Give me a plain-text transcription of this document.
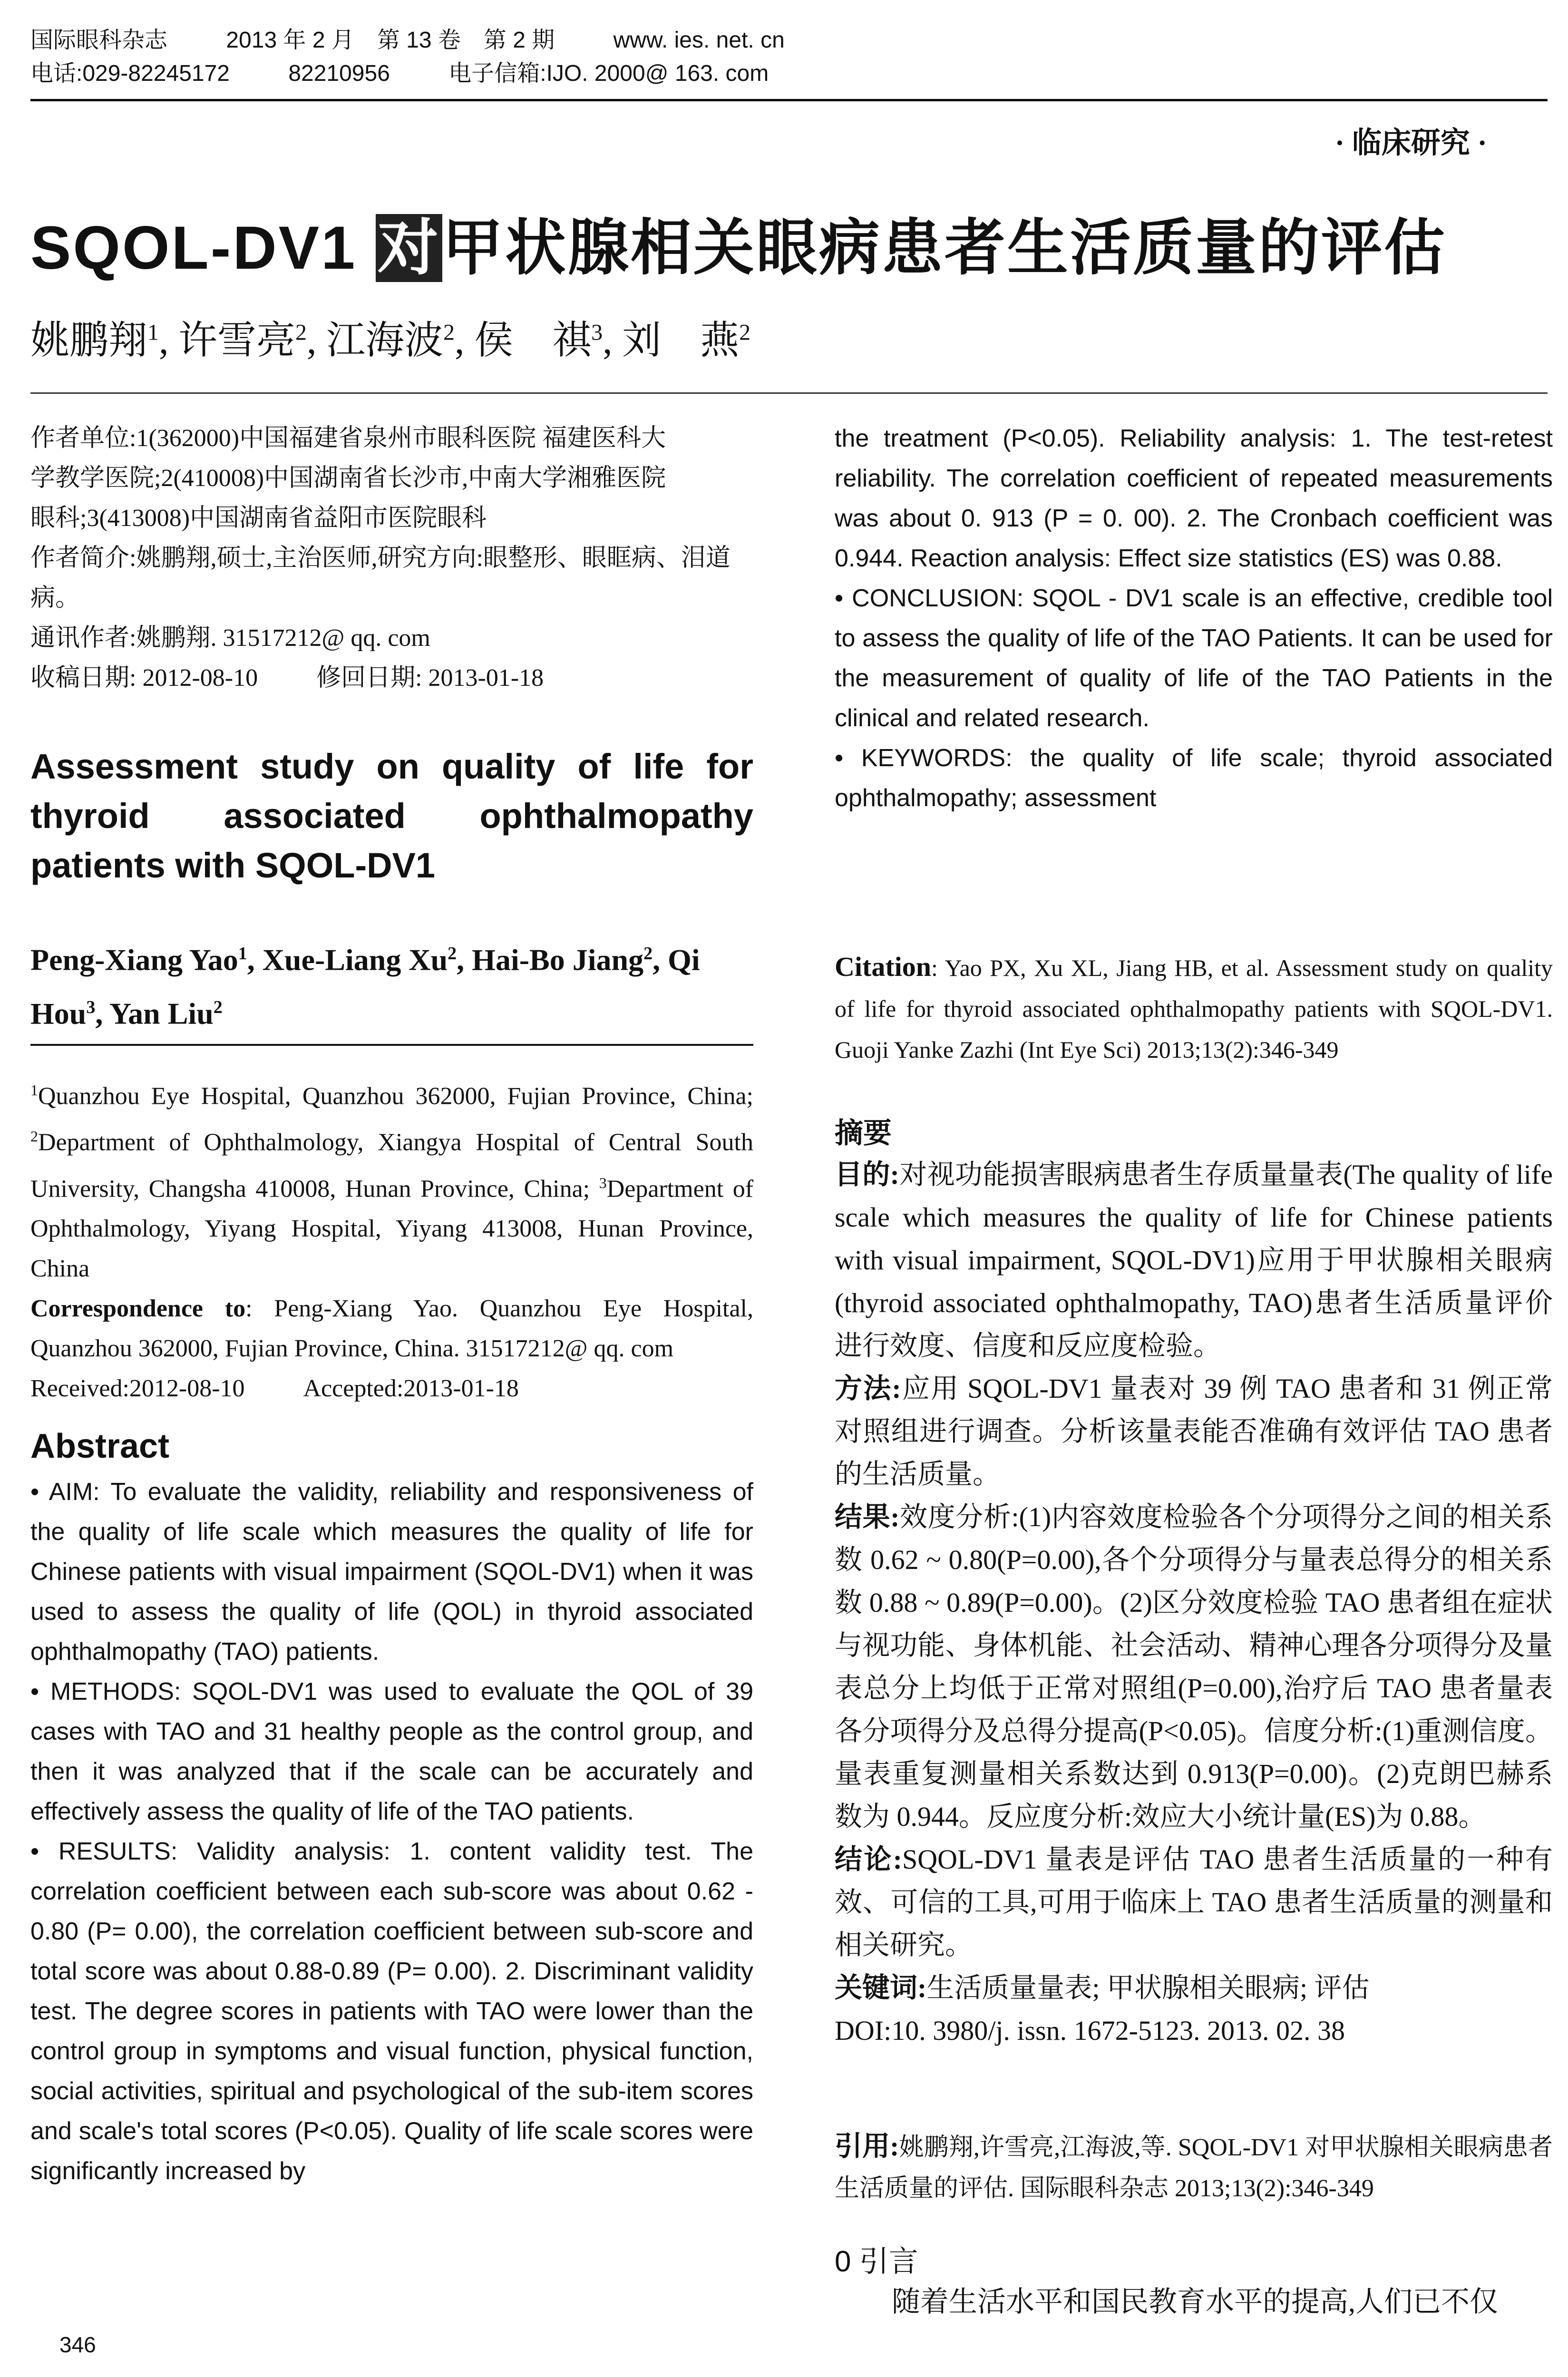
国际眼科杂志	2013 年 2 月　第 13 卷　第 2 期	www. ies. net. cn
电话:029-82245172	82210956	电子信箱:IJO. 2000@ 163. com
· 临床研究 ·
SQOL-DV1 对甲状腺相关眼病患者生活质量的评估
姚鹏翔$^1$, 许雪亮$^2$, 江海波$^2$, 侯　祺$^3$, 刘　燕$^2$
作者单位:1(362000)中国福建省泉州市眼科医院 福建医科大
学教学医院;2(410008)中国湖南省长沙市,中南大学湘雅医院
眼科;3(413008)中国湖南省益阳市医院眼科
作者简介:姚鹏翔,硕士,主治医师,研究方向:眼整形、眼眶病、泪道病。
通讯作者:姚鹏翔. 31517212@ qq. com
收稿日期: 2012-08-10 修回日期: 2013-01-18
Assessment study on quality of life for thyroid associated ophthalmopathy patients with SQOL-DV1
Peng-Xiang Yao$^1$, Xue-Liang Xu$^2$, Hai-Bo Jiang$^2$, Qi Hou$^3$, Yan Liu$^2$
$^1$Quanzhou Eye Hospital, Quanzhou 362000, Fujian Province, China; $^2$Department of Ophthalmology, Xiangya Hospital of Central South University, Changsha 410008, Hunan Province, China; $^3$Department of Ophthalmology, Yiyang Hospital, Yiyang 413008, Hunan Province, China
Correspondence to: Peng-Xiang Yao. Quanzhou Eye Hospital, Quanzhou 362000, Fujian Province, China. 31517212@ qq. com
Received:2012-08-10 Accepted:2013-01-18
Abstract
• AIM: To evaluate the validity, reliability and responsiveness of the quality of life scale which measures the quality of life for Chinese patients with visual impairment (SQOL-DV1) when it was used to assess the quality of life (QOL) in thyroid associated ophthalmopathy (TAO) patients.
• METHODS: SQOL-DV1 was used to evaluate the QOL of 39 cases with TAO and 31 healthy people as the control group, and then it was analyzed that if the scale can be accurately and effectively assess the quality of life of the TAO patients.
• RESULTS: Validity analysis: 1. content validity test. The correlation coefficient between each sub-score was about 0.62 - 0.80 (P= 0.00), the correlation coefficient between sub-score and total score was about 0.88-0.89 (P= 0.00). 2. Discriminant validity test. The degree scores in patients with TAO were lower than the control group in symptoms and visual function, physical function, social activities, spiritual and psychological of the sub-item scores and scale's total scores (P<0.05). Quality of life scale scores were significantly increased by
the treatment (P<0.05). Reliability analysis: 1. The test-retest reliability. The correlation coefficient of repeated measurements was about 0. 913 (P = 0. 00). 2. The Cronbach coefficient was 0.944. Reaction analysis: Effect size statistics (ES) was 0.88.
• CONCLUSION: SQOL - DV1 scale is an effective, credible tool to assess the quality of life of the TAO Patients. It can be used for the measurement of quality of life of the TAO Patients in the clinical and related research.
• KEYWORDS: the quality of life scale; thyroid associated ophthalmopathy; assessment
Citation: Yao PX, Xu XL, Jiang HB, et al. Assessment study on quality of life for thyroid associated ophthalmopathy patients with SQOL-DV1. Guoji Yanke Zazhi (Int Eye Sci) 2013;13(2):346-349
摘要
目的:对视功能损害眼病患者生存质量量表(The quality of life scale which measures the quality of life for Chinese patients with visual impairment, SQOL-DV1)应用于甲状腺相关眼病(thyroid associated ophthalmopathy, TAO)患者生活质量评价进行效度、信度和反应度检验。
方法:应用 SQOL-DV1 量表对 39 例 TAO 患者和 31 例正常对照组进行调查。分析该量表能否准确有效评估 TAO 患者的生活质量。
结果:效度分析:(1)内容效度检验各个分项得分之间的相关系数 0.62 ~ 0.80(P=0.00),各个分项得分与量表总得分的相关系数 0.88 ~ 0.89(P=0.00)。(2)区分效度检验 TAO 患者组在症状与视功能、身体机能、社会活动、精神心理各分项得分及量表总分上均低于正常对照组(P=0.00),治疗后 TAO 患者量表各分项得分及总得分提高(P<0.05)。信度分析:(1)重测信度。量表重复测量相关系数达到 0.913(P=0.00)。(2)克朗巴赫系数为 0.944。反应度分析:效应大小统计量(ES)为 0.88。
结论:SQOL-DV1 量表是评估 TAO 患者生活质量的一种有效、可信的工具,可用于临床上 TAO 患者生活质量的测量和相关研究。
关键词:生活质量量表; 甲状腺相关眼病; 评估
DOI:10. 3980/j. issn. 1672-5123. 2013. 02. 38
引用:姚鹏翔,许雪亮,江海波,等. SQOL-DV1 对甲状腺相关眼病患者生活质量的评估. 国际眼科杂志 2013;13(2):346-349
0 引言
随着生活水平和国民教育水平的提高,人们已不仅
346
